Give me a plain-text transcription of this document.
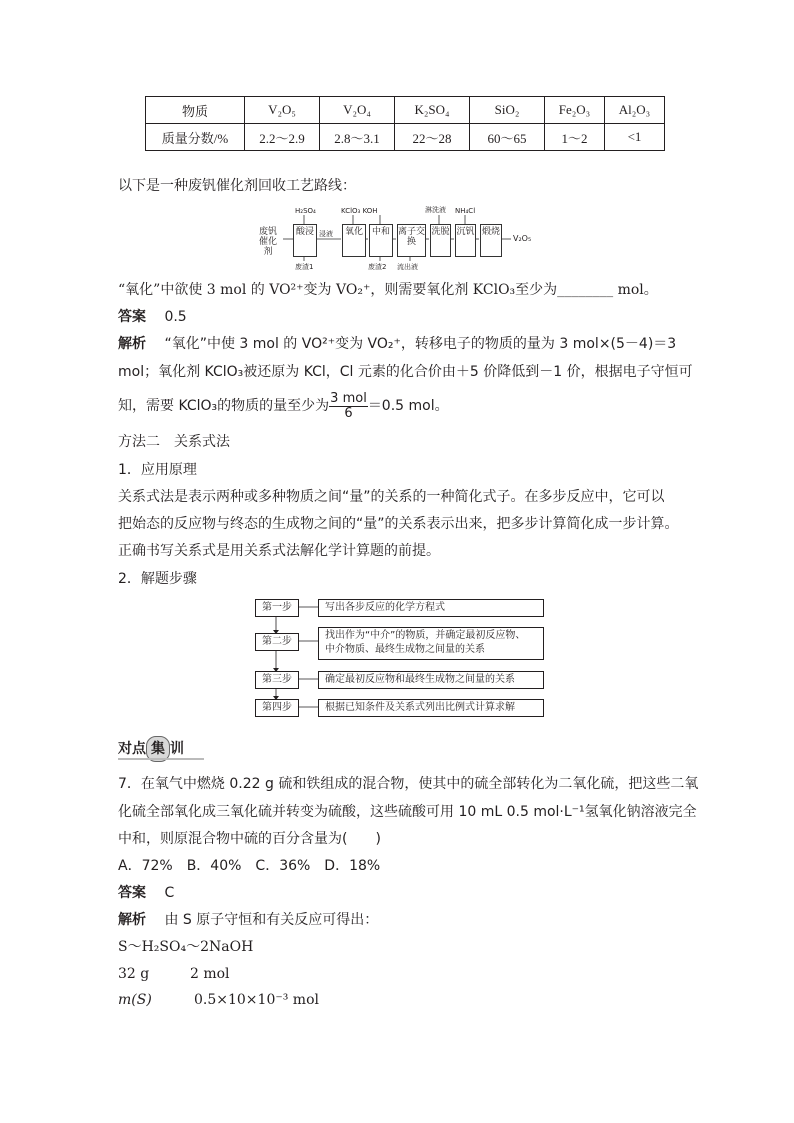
物质	V₂O₅	V₂O₄	K₂SO₄	SiO₂	Fe₂O₃	Al₂O₃
质量分数/%	2.2～2.9	2.8～3.1	22～28	60～65	1～2	<1
以下是一种废钒催化剂回收工艺路线：
废钒催化剂
H₂SO₄	KClO₃ KOH	淋洗液 NH₄Cl
酸浸 浸液	氧化 中和 离子交换
洗脱 沉钒 煅烧
V₂O₅
废渣1	废渣2 流出液
“氧化”中欲使 3 mol 的 VO²⁺变为 VO₂⁺，则需要氧化剂 KClO₃至少为________ mol。
答案 0.5
解析 “氧化”中使 3 mol 的 VO²⁺变为 VO₂⁺，转移电子的物质的量为 3 mol×(5－4)＝3
mol；氧化剂 KClO₃被还原为 KCl，Cl 元素的化合价由＋5 价降低到－1 价，根据电子守恒可
知，需要 KClO₃的物质的量至少为 $\frac{\text{3 mol}}{6} =0.5$ mol。
方法二　关系式法
1．应用原理
关系式法是表示两种或多种物质之间“量”的关系的一种简化式子。在多步反应中，它可以
把始态的反应物与终态的生成物之间的“量”的关系表示出来，把多步计算简化成一步计算。
正确书写关系式是用关系式法解化学计算题的前提。
2．解题步骤
第一步	写出各步反应的化学方程式
第二步
找出作为“中介”的物质，并确定最初反应物、
中介物质、最终生成物之间量的关系
第三步	确定最初反应物和最终生成物之间量的关系
第四步	根据已知条件及关系式列出比例式计算求解
对点 集 训
7．在氧气中燃烧 0.22 g 硫和铁组成的混合物，使其中的硫全部转化为二氧化硫，把这些二氧
化硫全部氧化成三氧化硫并转变为硫酸，这些硫酸可用 10 mL 0.5 mol·L⁻¹氢氧化钠溶液完全
中和，则原混合物中硫的百分含量为(　　)
A．72%　B．40%　C．36%　D．18%
答案 C
解析 由 S 原子守恒和有关反应可得出：
S～H₂SO₄～2NaOH
32 g	2 mol
m(S)	0.5×10×10⁻³ mol
